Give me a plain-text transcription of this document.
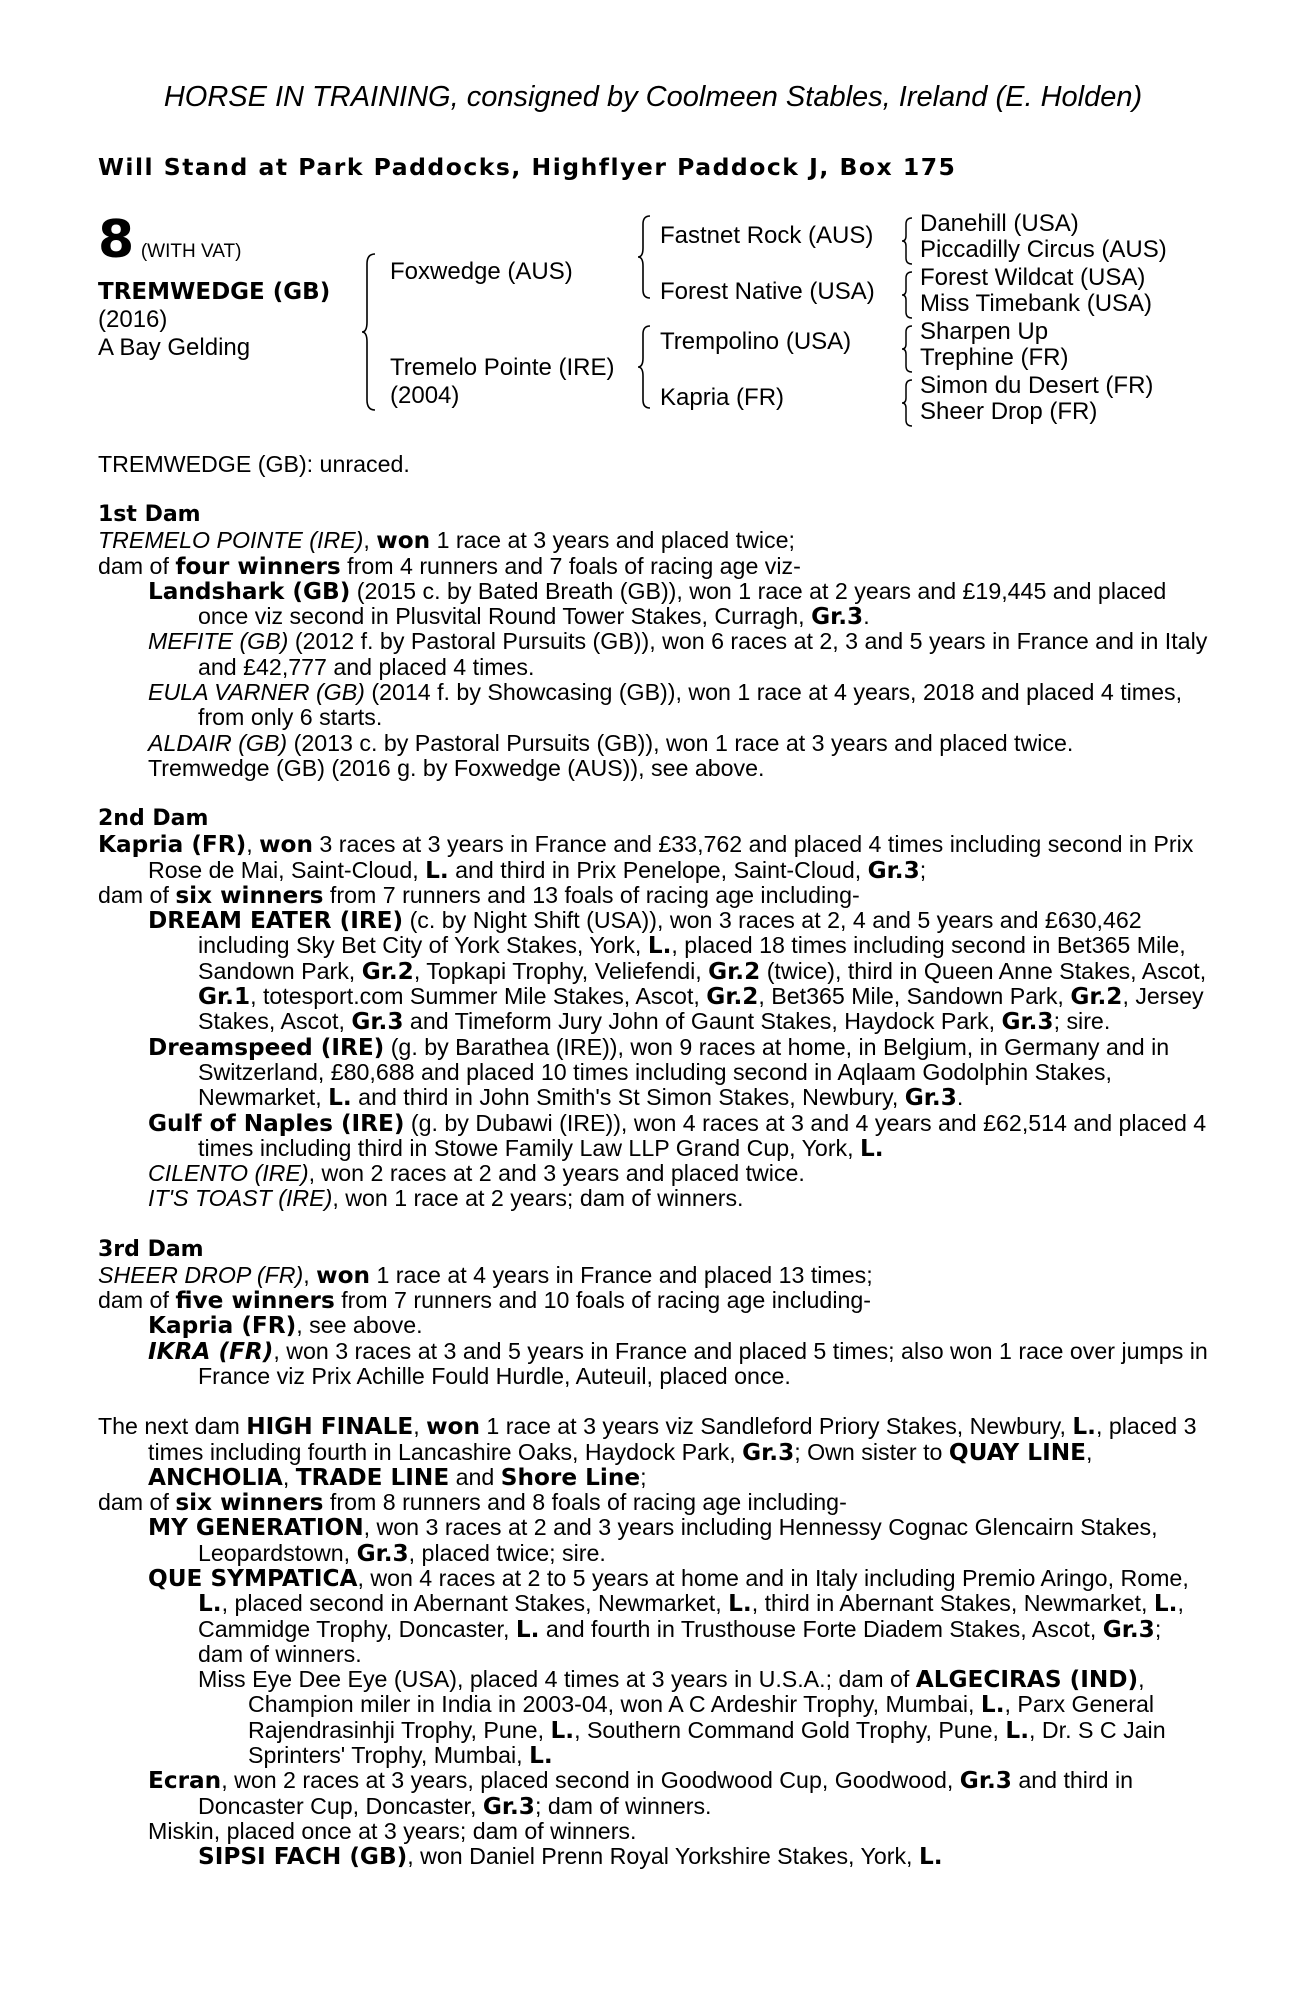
HORSE IN TRAINING, consigned by Coolmeen Stables, Ireland (E. Holden)

Will Stand at Park Paddocks, Highflyer Paddock J, Box 175

8 (WITH VAT)
TREMWEDGE (GB)
(2016)
A Bay Gelding
Foxwedge (AUS)
Tremelo Pointe (IRE)
(2004)
Fastnet Rock (AUS)
Forest Native (USA)
Trempolino (USA)
Kapria (FR)
Danehill (USA)
Piccadilly Circus (AUS)
Forest Wildcat (USA)
Miss Timebank (USA)
Sharpen Up
Trephine (FR)
Simon du Desert (FR)
Sheer Drop (FR)

TREMWEDGE (GB): unraced.

1st Dam

TREMELO POINTE (IRE), won 1 race at 3 years and placed twice;

dam of four winners from 4 runners and 7 foals of racing age viz-

Landshark (GB) (2015 c. by Bated Breath (GB)), won 1 race at 2 years and £19,445 and placed once viz second in Plusvital Round Tower Stakes, Curragh, Gr.3.

MEFITE (GB) (2012 f. by Pastoral Pursuits (GB)), won 6 races at 2, 3 and 5 years in France and in Italy and £42,777 and placed 4 times.

EULA VARNER (GB) (2014 f. by Showcasing (GB)), won 1 race at 4 years, 2018 and placed 4 times, from only 6 starts.

ALDAIR (GB) (2013 c. by Pastoral Pursuits (GB)), won 1 race at 3 years and placed twice.

Tremwedge (GB) (2016 g. by Foxwedge (AUS)), see above.

2nd Dam

Kapria (FR), won 3 races at 3 years in France and £33,762 and placed 4 times including second in Prix Rose de Mai, Saint-Cloud, L. and third in Prix Penelope, Saint-Cloud, Gr.3;

dam of six winners from 7 runners and 13 foals of racing age including-

DREAM EATER (IRE) (c. by Night Shift (USA)), won 3 races at 2, 4 and 5 years and £630,462 including Sky Bet City of York Stakes, York, L., placed 18 times including second in Bet365 Mile, Sandown Park, Gr.2, Topkapi Trophy, Veliefendi, Gr.2 (twice), third in Queen Anne Stakes, Ascot, Gr.1, totesport.com Summer Mile Stakes, Ascot, Gr.2, Bet365 Mile, Sandown Park, Gr.2, Jersey Stakes, Ascot, Gr.3 and Timeform Jury John of Gaunt Stakes, Haydock Park, Gr.3; sire.

Dreamspeed (IRE) (g. by Barathea (IRE)), won 9 races at home, in Belgium, in Germany and in Switzerland, £80,688 and placed 10 times including second in Aqlaam Godolphin Stakes, Newmarket, L. and third in John Smith's St Simon Stakes, Newbury, Gr.3.

Gulf of Naples (IRE) (g. by Dubawi (IRE)), won 4 races at 3 and 4 years and £62,514 and placed 4 times including third in Stowe Family Law LLP Grand Cup, York, L.

CILENTO (IRE), won 2 races at 2 and 3 years and placed twice.

IT'S TOAST (IRE), won 1 race at 2 years; dam of winners.

3rd Dam

SHEER DROP (FR), won 1 race at 4 years in France and placed 13 times;

dam of five winners from 7 runners and 10 foals of racing age including-

Kapria (FR), see above.

IKRA (FR), won 3 races at 3 and 5 years in France and placed 5 times; also won 1 race over jumps in France viz Prix Achille Fould Hurdle, Auteuil, placed once.

The next dam HIGH FINALE, won 1 race at 3 years viz Sandleford Priory Stakes, Newbury, L., placed 3 times including fourth in Lancashire Oaks, Haydock Park, Gr.3; Own sister to QUAY LINE, ANCHOLIA, TRADE LINE and Shore Line;

dam of six winners from 8 runners and 8 foals of racing age including-

MY GENERATION, won 3 races at 2 and 3 years including Hennessy Cognac Glencairn Stakes, Leopardstown, Gr.3, placed twice; sire.

QUE SYMPATICA, won 4 races at 2 to 5 years at home and in Italy including Premio Aringo, Rome, L., placed second in Abernant Stakes, Newmarket, L., third in Abernant Stakes, Newmarket, L., Cammidge Trophy, Doncaster, L. and fourth in Trusthouse Forte Diadem Stakes, Ascot, Gr.3; dam of winners.

Miss Eye Dee Eye (USA), placed 4 times at 3 years in U.S.A.; dam of ALGECIRAS (IND), Champion miler in India in 2003-04, won A C Ardeshir Trophy, Mumbai, L., Parx General Rajendrasinhji Trophy, Pune, L., Southern Command Gold Trophy, Pune, L., Dr. S C Jain Sprinters' Trophy, Mumbai, L.

Ecran, won 2 races at 3 years, placed second in Goodwood Cup, Goodwood, Gr.3 and third in Doncaster Cup, Doncaster, Gr.3; dam of winners.

Miskin, placed once at 3 years; dam of winners.

SIPSI FACH (GB), won Daniel Prenn Royal Yorkshire Stakes, York, L.
